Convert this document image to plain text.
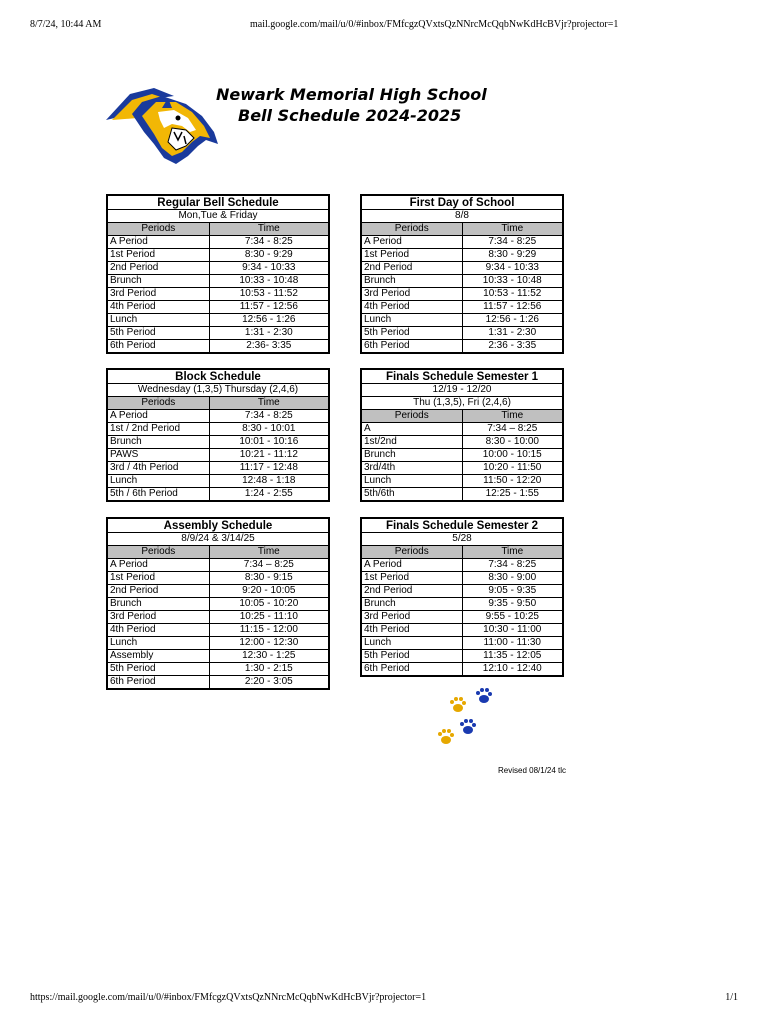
8/7/24, 10:44 AM	mail.google.com/mail/u/0/#inbox/FMfcgzQVxtsQzNNrcMcQqbNwKdHcBVjr?projector=1
Newark Memorial High School
Bell Schedule 2024-2025
Regular Bell Schedule	
Mon,Tue & Friday	
Periods	Time
A Period	7:34 - 8:25
1st Period	8:30 - 9:29
2nd Period	9:34 - 10:33
Brunch	10:33 - 10:48
3rd Period	10:53 - 11:52
4th Period	11:57 - 12:56
Lunch	12:56 - 1:26
5th Period	1:31 - 2:30
6th Period	2:36- 3:35
First Day of School	
8/8	
Periods	Time
A Period	7:34 - 8:25
1st Period	8:30 - 9:29
2nd Period	9:34 - 10:33
Brunch	10:33 - 10:48
3rd Period	10:53 - 11:52
4th Period	11:57 - 12:56
Lunch	12:56 - 1:26
5th Period	1:31 - 2:30
6th Period	2:36 - 3:35
Block Schedule	
Wednesday (1,3,5) Thursday (2,4,6)	
Periods	Time
A Period	7:34 - 8:25
1st / 2nd Period	8:30 - 10:01
Brunch	10:01 - 10:16
PAWS	10:21 - 11:12
3rd / 4th Period	11:17 - 12:48
Lunch	12:48 - 1:18
5th / 6th Period	1:24 - 2:55
Finals Schedule Semester 1	
12/19 - 12/20	
Thu (1,3,5), Fri (2,4,6)	
Periods	Time
A	7:34 – 8:25
1st/2nd	8:30 - 10:00
Brunch	10:00 - 10:15
3rd/4th	10:20 - 11:50
Lunch	11:50 - 12:20
5th/6th	12:25 - 1:55
Assembly Schedule	
8/9/24 & 3/14/25	
Periods	Time
A Period	7:34 – 8:25
1st Period	8:30 - 9:15
2nd Period	9:20 - 10:05
Brunch	10:05 - 10:20
3rd Period	10:25 - 11:10
4th Period	11:15 - 12:00
Lunch	12:00 - 12:30
Assembly	12:30 - 1:25
5th Period	1:30 - 2:15
6th Period	2:20 - 3:05
Finals Schedule Semester 2	
5/28	
Periods	Time
A Period	7:34 - 8:25
1st Period	8:30 - 9:00
2nd Period	9:05 - 9:35
Brunch	9:35 - 9:50
3rd Period	9:55 - 10:25
4th Period	10:30 - 11:00
Lunch	11:00 - 11:30
5th Period	11:35 - 12:05
6th Period	12:10 - 12:40
Revised 08/1/24 tlc
https://mail.google.com/mail/u/0/#inbox/FMfcgzQVxtsQzNNrcMcQqbNwKdHcBVjr?projector=1	1/1
